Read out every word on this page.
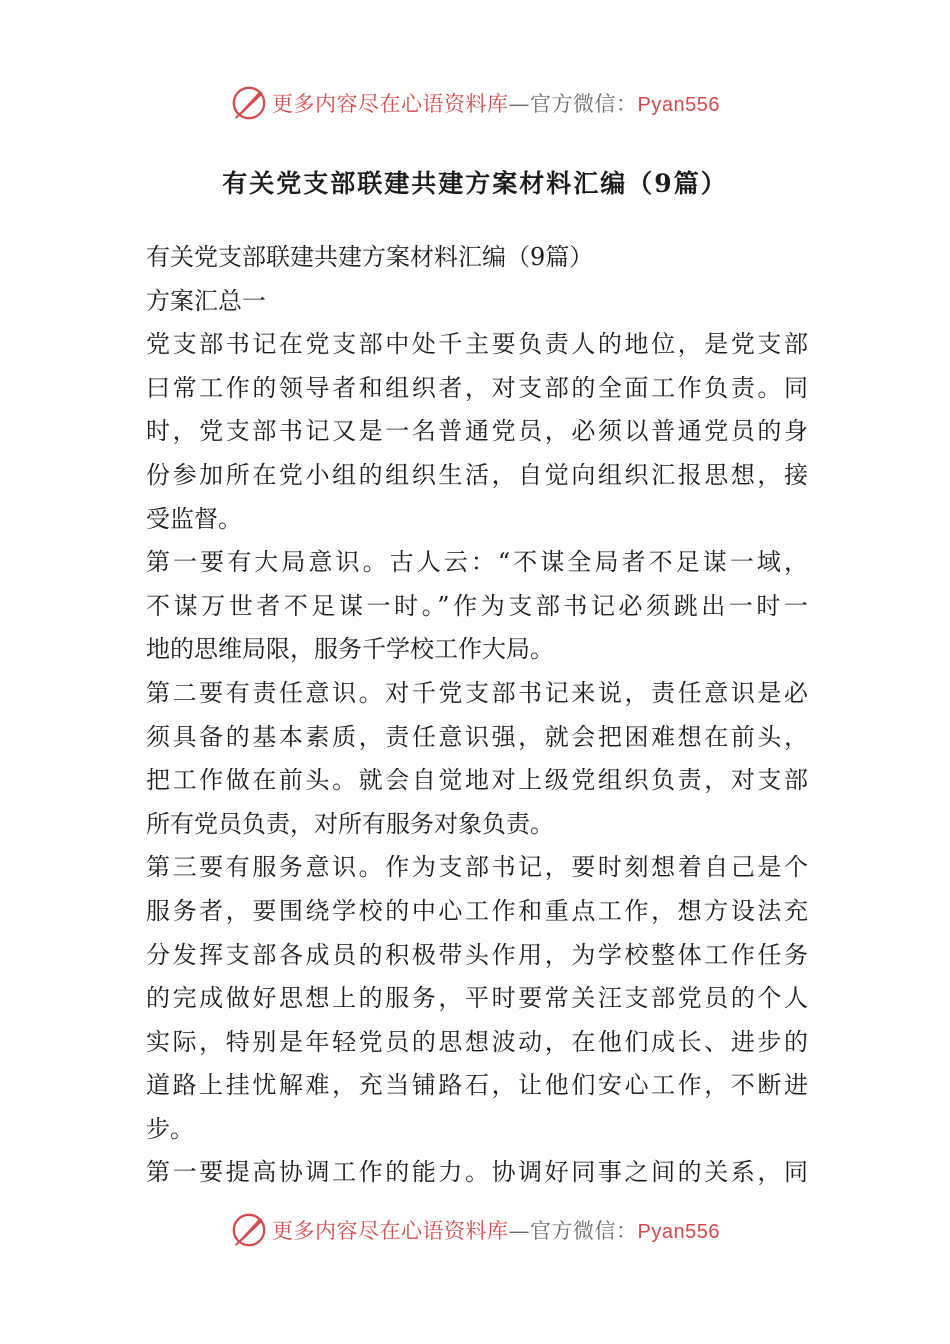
更多内容尽在心语资料库—官方微信：Pyan556
有关党支部联建共建方案材料汇编（9篇）
有关党支部联建共建方案材料汇编（9篇）
方案汇总一
党支部书记在党支部中处千主要负责人的地位，是党支部
曰常工作的领导者和组织者，对支部的全面工作负责。同
时，党支部书记又是一名普通党员，必须以普通党员的身
份参加所在党小组的组织生活，自觉向组织汇报思想，接
受监督。
第一要有大局意识。古人云：“不谋全局者不足谋一域，
不谋万世者不足谋一时。”作为支部书记必须跳出一时一
地的思维局限，服务千学校工作大局。
第二要有责任意识。对千党支部书记来说，责任意识是必
须具备的基本素质，责任意识强，就会把困难想在前头，
把工作做在前头。就会自觉地对上级党组织负责，对支部
所有党员负责，对所有服务对象负责。
第三要有服务意识。作为支部书记，要时刻想着自己是个
服务者，要围绕学校的中心工作和重点工作，想方设法充
分发挥支部各成员的积极带头作用，为学校整体工作任务
的完成做好思想上的服务，平时要常关汪支部党员的个人
实际，特别是年轻党员的思想波动，在他们成长、进步的
道路上挂忧解难，充当铺路石，让他们安心工作，不断进
步。
第一要提高协调工作的能力。协调好同事之间的关系，同
更多内容尽在心语资料库—官方微信：Pyan556
